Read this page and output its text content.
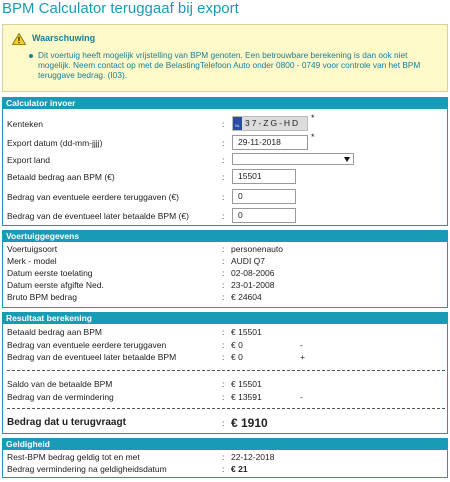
BPM Calculator teruggaaf bij export
Waarschuwing
Dit voertuig heeft mogelijk vrijstelling van BPM genoten. Een betrouwbare berekening is dan ook niet mogelijk. Neem contact op met de BelastingTelefoon Auto onder 0800 - 0749 voor controle van het BPM teruggave bedrag. (I03).
Calculator invoer
Kenteken	:	NL 37-ZG-HD *
Export datum (dd-mm-jjjj)	:	29-11-2018	*
Export land	:
Betaald bedrag aan BPM (€)	:	15501
Bedrag van eventuele eerdere teruggaven (€)	:	0
Bedrag van de eventueel later betaalde BPM (€)	:	0
Voertuiggegevens
Voertuigsoort	: personenauto
Merk - model	: AUDI Q7
Datum eerste toelating	: 02-08-2006
Datum eerste afgifte Ned.	: 23-01-2008
Bruto BPM bedrag	: € 24604
Resultaat berekening
Betaald bedrag aan BPM	: € 15501
Bedrag van eventuele eerdere teruggaven	: € 0	-
Bedrag van de eventueel later betaalde BPM	: € 0	+
Saldo van de betaalde BPM	: € 15501
Bedrag van de vermindering	: € 13591	-
Bedrag dat u terugvraagt	: € 1910
Geldigheid
Rest-BPM bedrag geldig tot en met	: 22-12-2018
Bedrag vermindering na geldigheidsdatum	: € 21
